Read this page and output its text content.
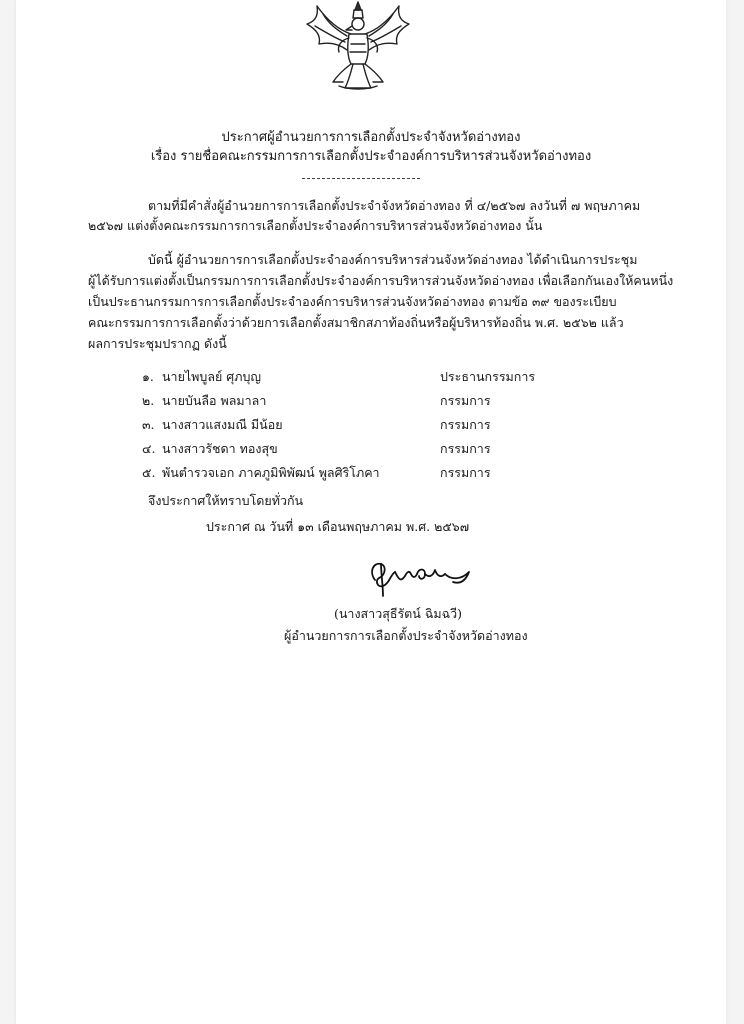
ประกาศผู้อำนวยการการเลือกตั้งประจำจังหวัดอ่างทอง
เรื่อง รายชื่อคณะกรรมการการเลือกตั้งประจำองค์การบริหารส่วนจังหวัดอ่างทอง
ตามที่มีคำสั่งผู้อำนวยการการเลือกตั้งประจำจังหวัดอ่างทอง ที่ ๔/๒๕๖๗ ลงวันที่ ๗ พฤษภาคม
๒๕๖๗ แต่งตั้งคณะกรรมการการเลือกตั้งประจำองค์การบริหารส่วนจังหวัดอ่างทอง นั้น
บัดนี้ ผู้อำนวยการการเลือกตั้งประจำองค์การบริหารส่วนจังหวัดอ่างทอง ได้ดำเนินการประชุม
ผู้ได้รับการแต่งตั้งเป็นกรรมการการเลือกตั้งประจำองค์การบริหารส่วนจังหวัดอ่างทอง เพื่อเลือกกันเองให้คนหนึ่ง
เป็นประธานกรรมการการเลือกตั้งประจำองค์การบริหารส่วนจังหวัดอ่างทอง ตามข้อ ๓๙ ของระเบียบ
คณะกรรมการการเลือกตั้งว่าด้วยการเลือกตั้งสมาชิกสภาท้องถิ่นหรือผู้บริหารท้องถิ่น พ.ศ. ๒๕๖๒ แล้ว
ผลการประชุมปรากฏ ดังนี้
๑. นายไพบูลย์ ศุภบุญ	ประธานกรรมการ
๒. นายบันลือ พลมาลา	กรรมการ
๓. นางสาวแสงมณี มีน้อย	กรรมการ
๔. นางสาวรัชดา ทองสุข	กรรมการ
๕. พันตำรวจเอก ภาคภูมิพิพัฒน์ พูลศิริโภคา	กรรมการ
จึงประกาศให้ทราบโดยทั่วกัน
ประกาศ ณ วันที่ ๑๓ เดือนพฤษภาคม พ.ศ. ๒๕๖๗
(นางสาวสุธีรัตน์ ฉิมฉวี)
ผู้อำนวยการการเลือกตั้งประจำจังหวัดอ่างทอง
